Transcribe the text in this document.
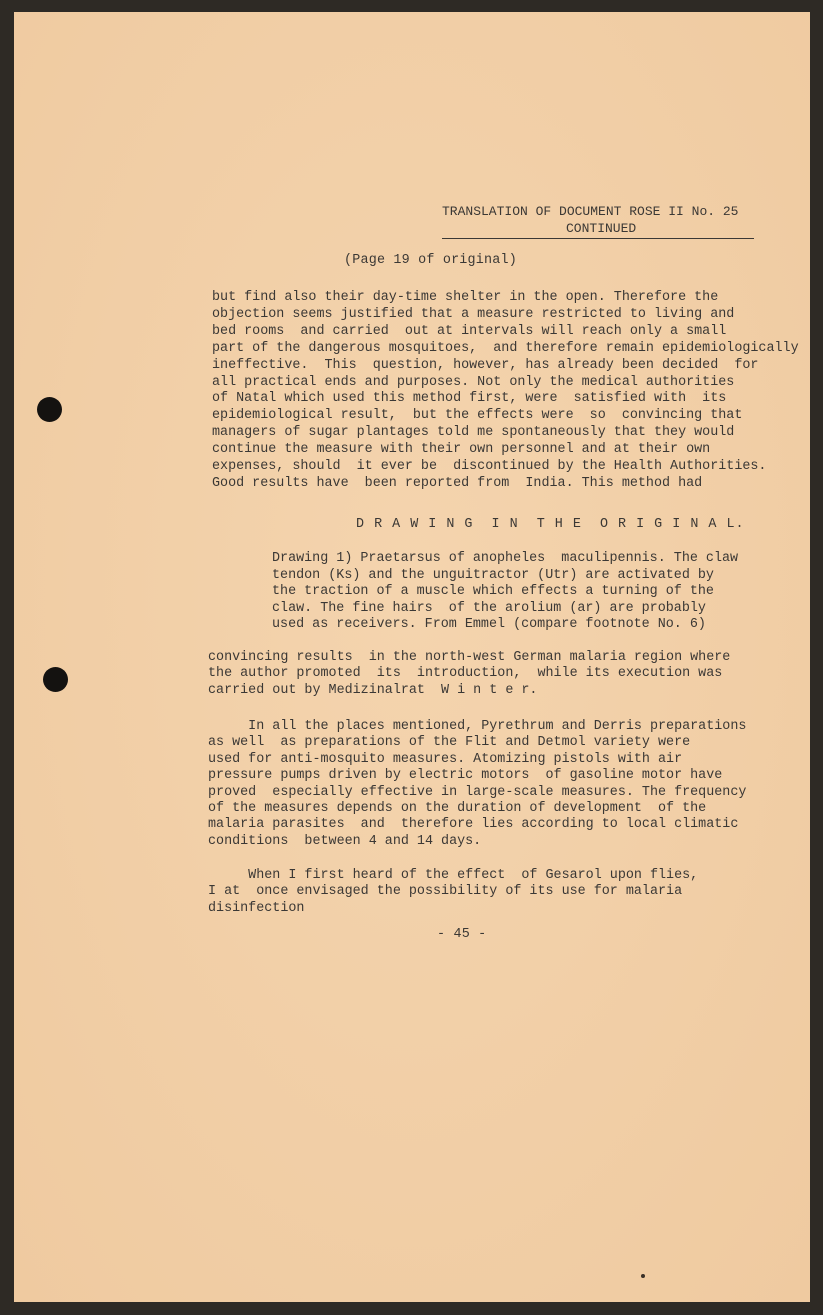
TRANSLATION OF DOCUMENT ROSE II No. 25
CONTINUED

(Page 19 of original)

but find also their day-time shelter in the open. Therefore the
objection seems justified that a measure restricted to living and
bed rooms  and carried  out at intervals will reach only a small
part of the dangerous mosquitoes,  and therefore remain epidemiologically
ineffective.  This  question, however, has already been decided  for
all practical ends and purposes. Not only the medical authorities
of Natal which used this method first, were  satisfied with  its
epidemiological result,  but the effects were  so  convincing that
managers of sugar plantages told me spontaneously that they would
continue the measure with their own personnel and at their own
expenses, should  it ever be  discontinued by the Health Authorities.
Good results have  been reported from  India. This method had

D R A W I N G  I N  T H E  O R I G I N A L.

Drawing 1) Praetarsus of anopheles  maculipennis. The claw
tendon (Ks) and the unguitractor (Utr) are activated by
the traction of a muscle which effects a turning of the
claw. The fine hairs  of the arolium (ar) are probably
used as receivers. From Emmel (compare footnote No. 6)
convincing results  in the north-west German malaria region where
the author promoted  its  introduction,  while its execution was
carried out by Medizinalrat  W i n t e r.
In all the places mentioned, Pyrethrum and Derris preparations
as well  as preparations of the Flit and Detmol variety were
used for anti-mosquito measures. Atomizing pistols with air
pressure pumps driven by electric motors  of gasoline motor have
proved  especially effective in large-scale measures. The frequency
of the measures depends on the duration of development  of the
malaria parasites  and  therefore lies according to local climatic
conditions  between 4 and 14 days.
When I first heard of the effect  of Gesarol upon flies,
I at  once envisaged the possibility of its use for malaria
disinfection

- 45 -
